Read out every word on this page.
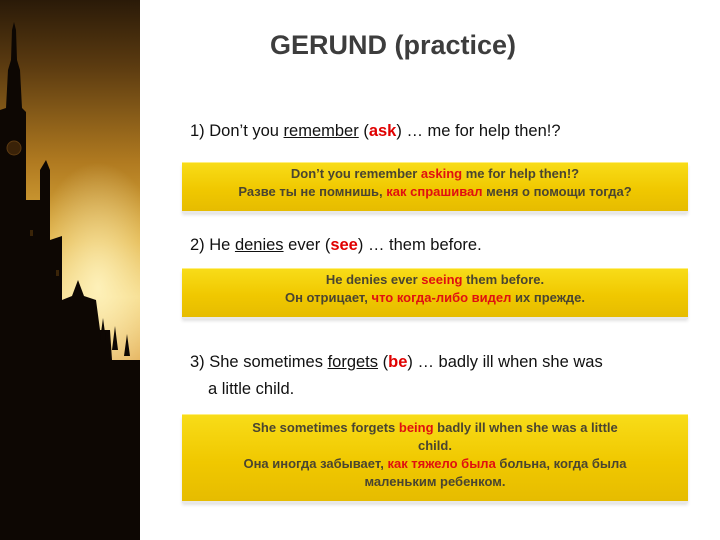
GERUND (practice)
1) Don’t you remember (ask) … me for help then!?
Don’t you remember asking me for help then!?
Разве ты не помнишь, как спрашивал меня о помощи тогда?
2) He denies ever (see) … them before.
He denies ever seeing them before.
Он отрицает, что когда-либо видел их прежде.
3) She sometimes forgets (be) … badly ill when she was
a little child.
She sometimes forgets being badly ill when she was a little
child.
Она иногда забывает, как тяжело была больна, когда была
маленьким ребенком.
